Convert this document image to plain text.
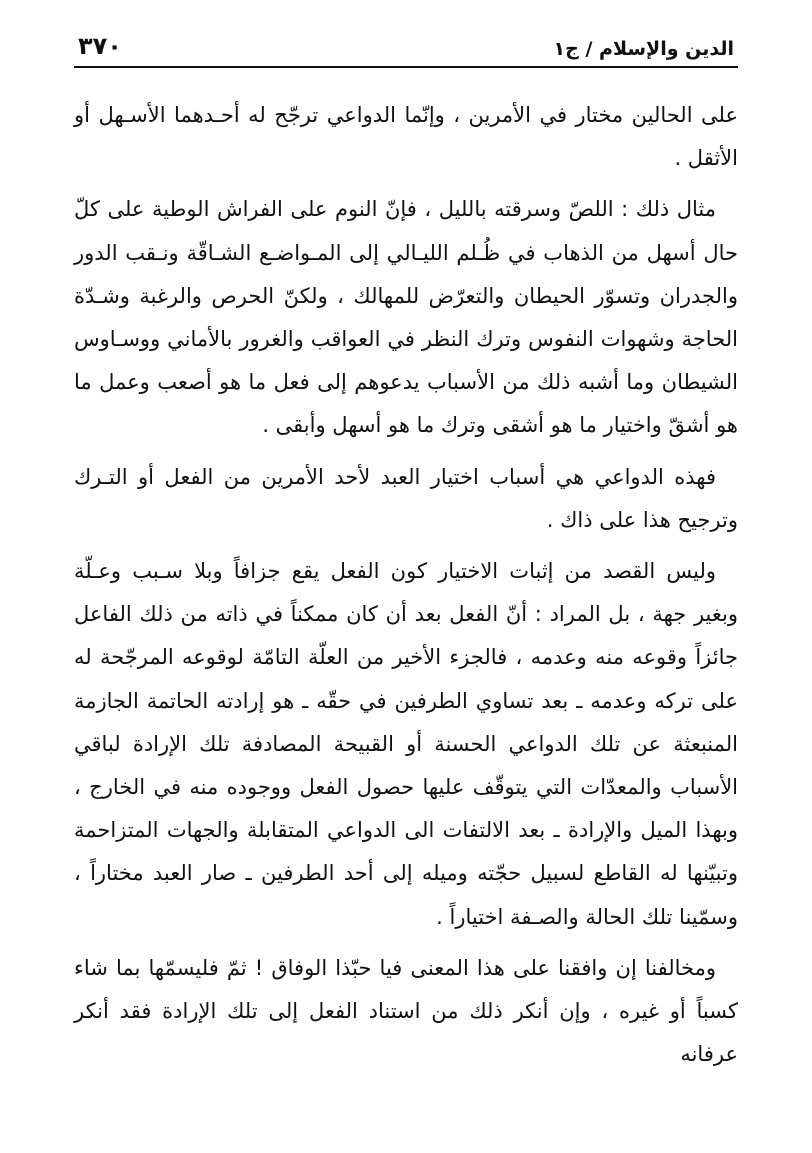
الدين والإسلام / ج١
٣٧٠

على الحالين مختار في الأمرين ، وإنّما الدواعي ترجّح له أحـدهما الأسـهل أو الأثقل .

مثال ذلك : اللصّ وسرقته بالليل ، فإنّ النوم على الفراش الوطية على كلّ حال أسهل من الذهاب في ظُـلم الليـالي إلى المـواضـع الشـاقّة ونـقب الدور والجدران وتسوّر الحيطان والتعرّض للمهالك ، ولكنّ الحرص والرغبة وشـدّة الحاجة وشهوات النفوس وترك النظر في العواقب والغرور بالأماني ووسـاوس الشيطان وما أشبه ذلك من الأسباب يدعوهم إلى فعل ما هو أصعب وعمل ما هو أشقّ واختيار ما هو أشقى وترك ما هو أسهل وأبقى .

فهذه الدواعي هي أسباب اختيار العبد لأحد الأمرين من الفعل أو التـرك وترجيح هذا على ذاك .

وليس القصد من إثبات الاختيار كون الفعل يقع جزافاً وبلا سـبب وعـلّة وبغير جهة ، بل المراد : أنّ الفعل بعد أن كان ممكناً في ذاته من ذلك الفاعل جائزاً وقوعه منه وعدمه ، فالجزء الأخير من العلّة التامّة لوقوعه المرجّحة له على تركه وعدمه ـ بعد تساوي الطرفين في حقّه ـ هو إرادته الحاتمة الجازمة المنبعثة عن تلك الدواعي الحسنة أو القبيحة المصادفة تلك الإرادة لباقي الأسباب والمعدّات التي يتوقّف عليها حصول الفعل ووجوده منه في الخارج ، وبهذا الميل والإرادة ـ بعد الالتفات الى الدواعي المتقابلة والجهات المتزاحمة وتبيّنها له القاطع لسبيل حجّته وميله إلى أحد الطرفين ـ صار العبد مختاراً ، وسمّينا تلك الحالة والصـفة اختياراً .

ومخالفنا إن وافقنا على هذا المعنى فيا حبّذا الوفاق ! ثمّ فليسمّها بما شاء كسباً أو غيره ، وإن أنكر ذلك من استناد الفعل إلى تلك الإرادة فقد أنكر عرفانه
